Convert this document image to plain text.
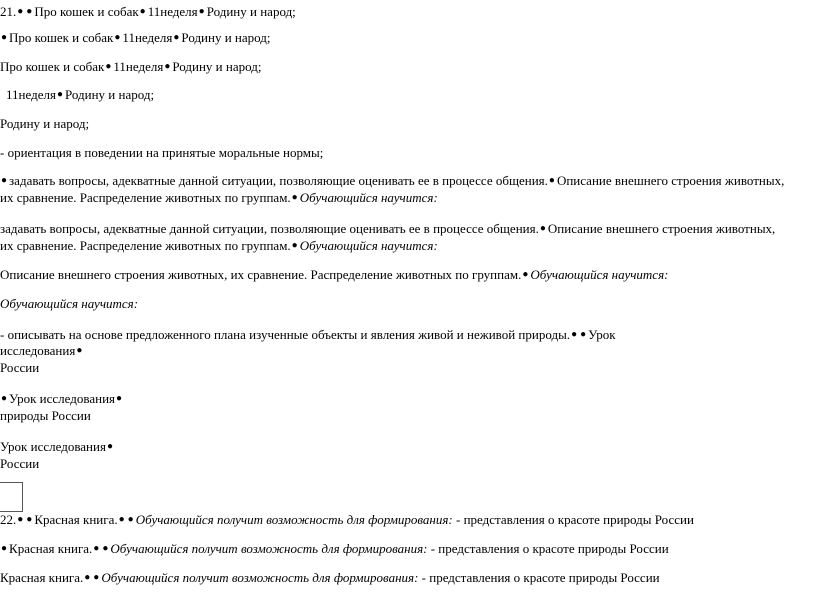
21.● ● Про кошек и собак● 11неделя● Родину и народ;
● Про кошек и собак● 11неделя● Родину и народ;
Про кошек и собак● 11неделя● Родину и народ;
11неделя● Родину и народ;
Родину и народ;
- ориентация в поведении на принятые моральные нормы;
● задавать вопросы, адекватные данной ситуации, позволяющие оценивать ее в процессе общения.● Описание внешнего строения животных,
их сравнение. Распределение животных по группам.● Обучающийся научится:
задавать вопросы, адекватные данной ситуации, позволяющие оценивать ее в процессе общения.● Описание внешнего строения животных,
их сравнение. Распределение животных по группам.● Обучающийся научится:
Описание внешнего строения животных, их сравнение. Распределение животных по группам.● Обучающийся научится:
Обучающийся научится:
- описывать на основе предложенного плана изученные объекты и явления живой и неживой природы.● ● Урок
исследования●
России
● Урок исследования●
природы России
Урок исследования●
России
22.● ● Красная книга.● ● Обучающийся получит возможность для формирования: - представления о красоте природы России
● Красная книга.● ● Обучающийся получит возможность для формирования: - представления о красоте природы России
Красная книга.● ● Обучающийся получит возможность для формирования: - представления о красоте природы России
